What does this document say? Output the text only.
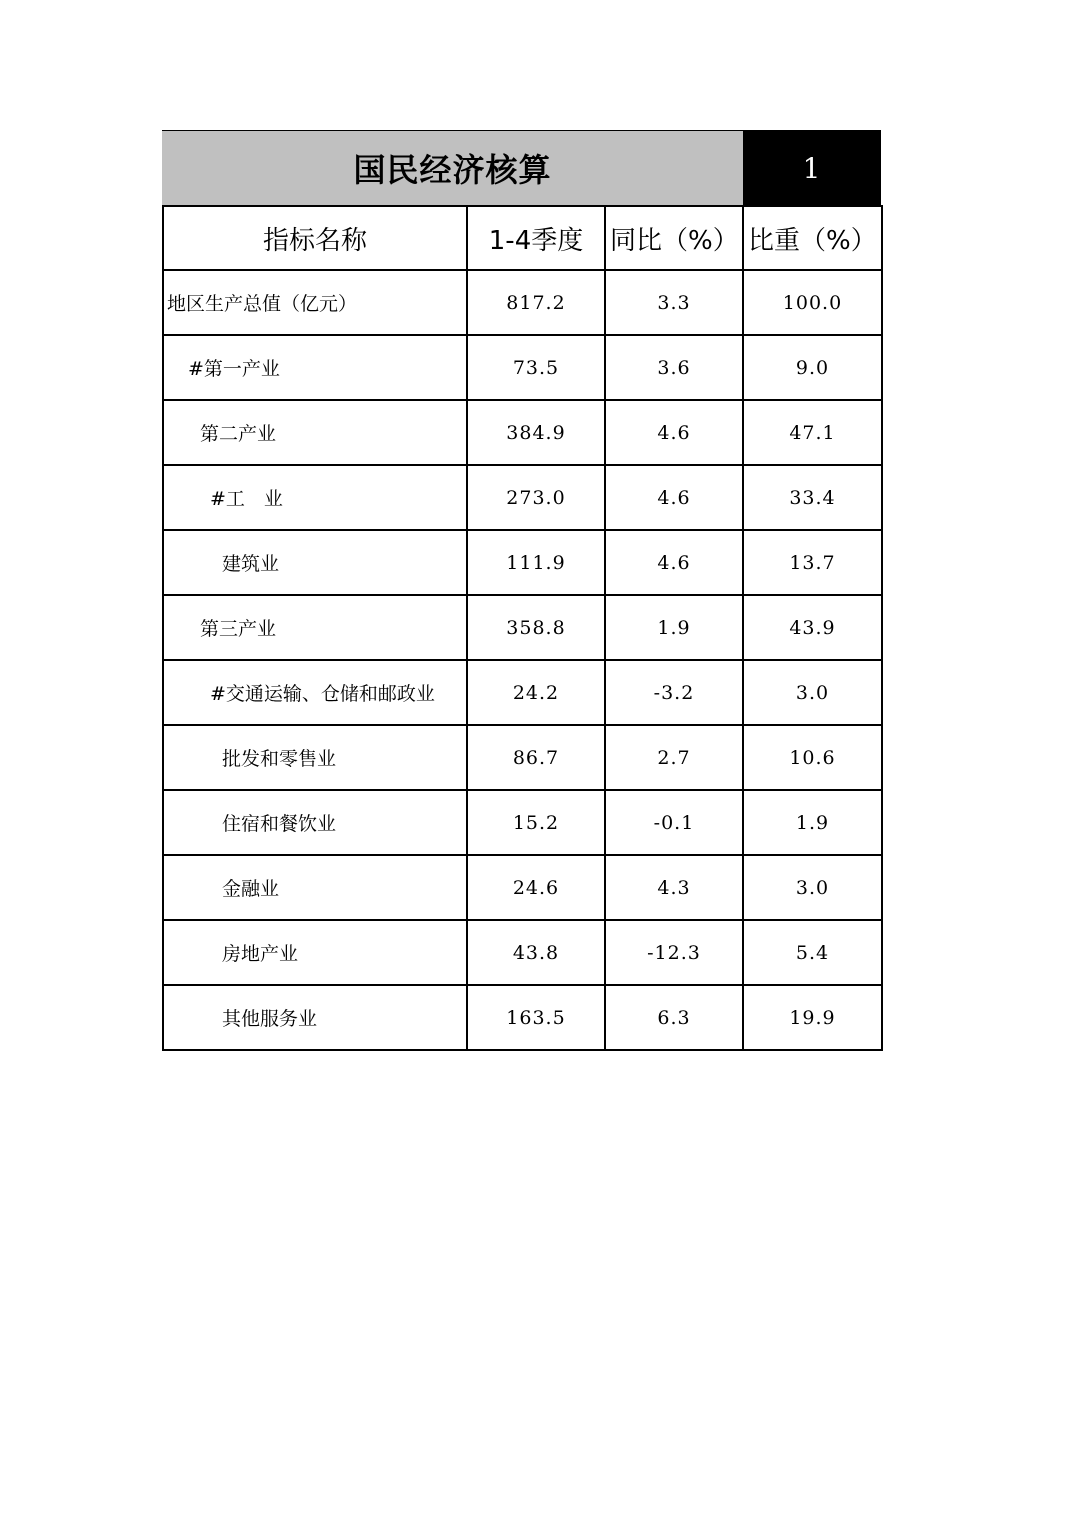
国民经济核算	1
指标名称	1-4季度	同比（%）	比重（%）
地区生产总值（亿元）	817.2	3.3	100.0
#第一产业	73.5	3.6	9.0
第二产业	384.9	4.6	47.1
#工　业	273.0	4.6	33.4
建筑业	111.9	4.6	13.7
第三产业	358.8	1.9	43.9
#交通运输、仓储和邮政业	24.2	-3.2	3.0
批发和零售业	86.7	2.7	10.6
住宿和餐饮业	15.2	-0.1	1.9
金融业	24.6	4.3	3.0
房地产业	43.8	-12.3	5.4
其他服务业	163.5	6.3	19.9
